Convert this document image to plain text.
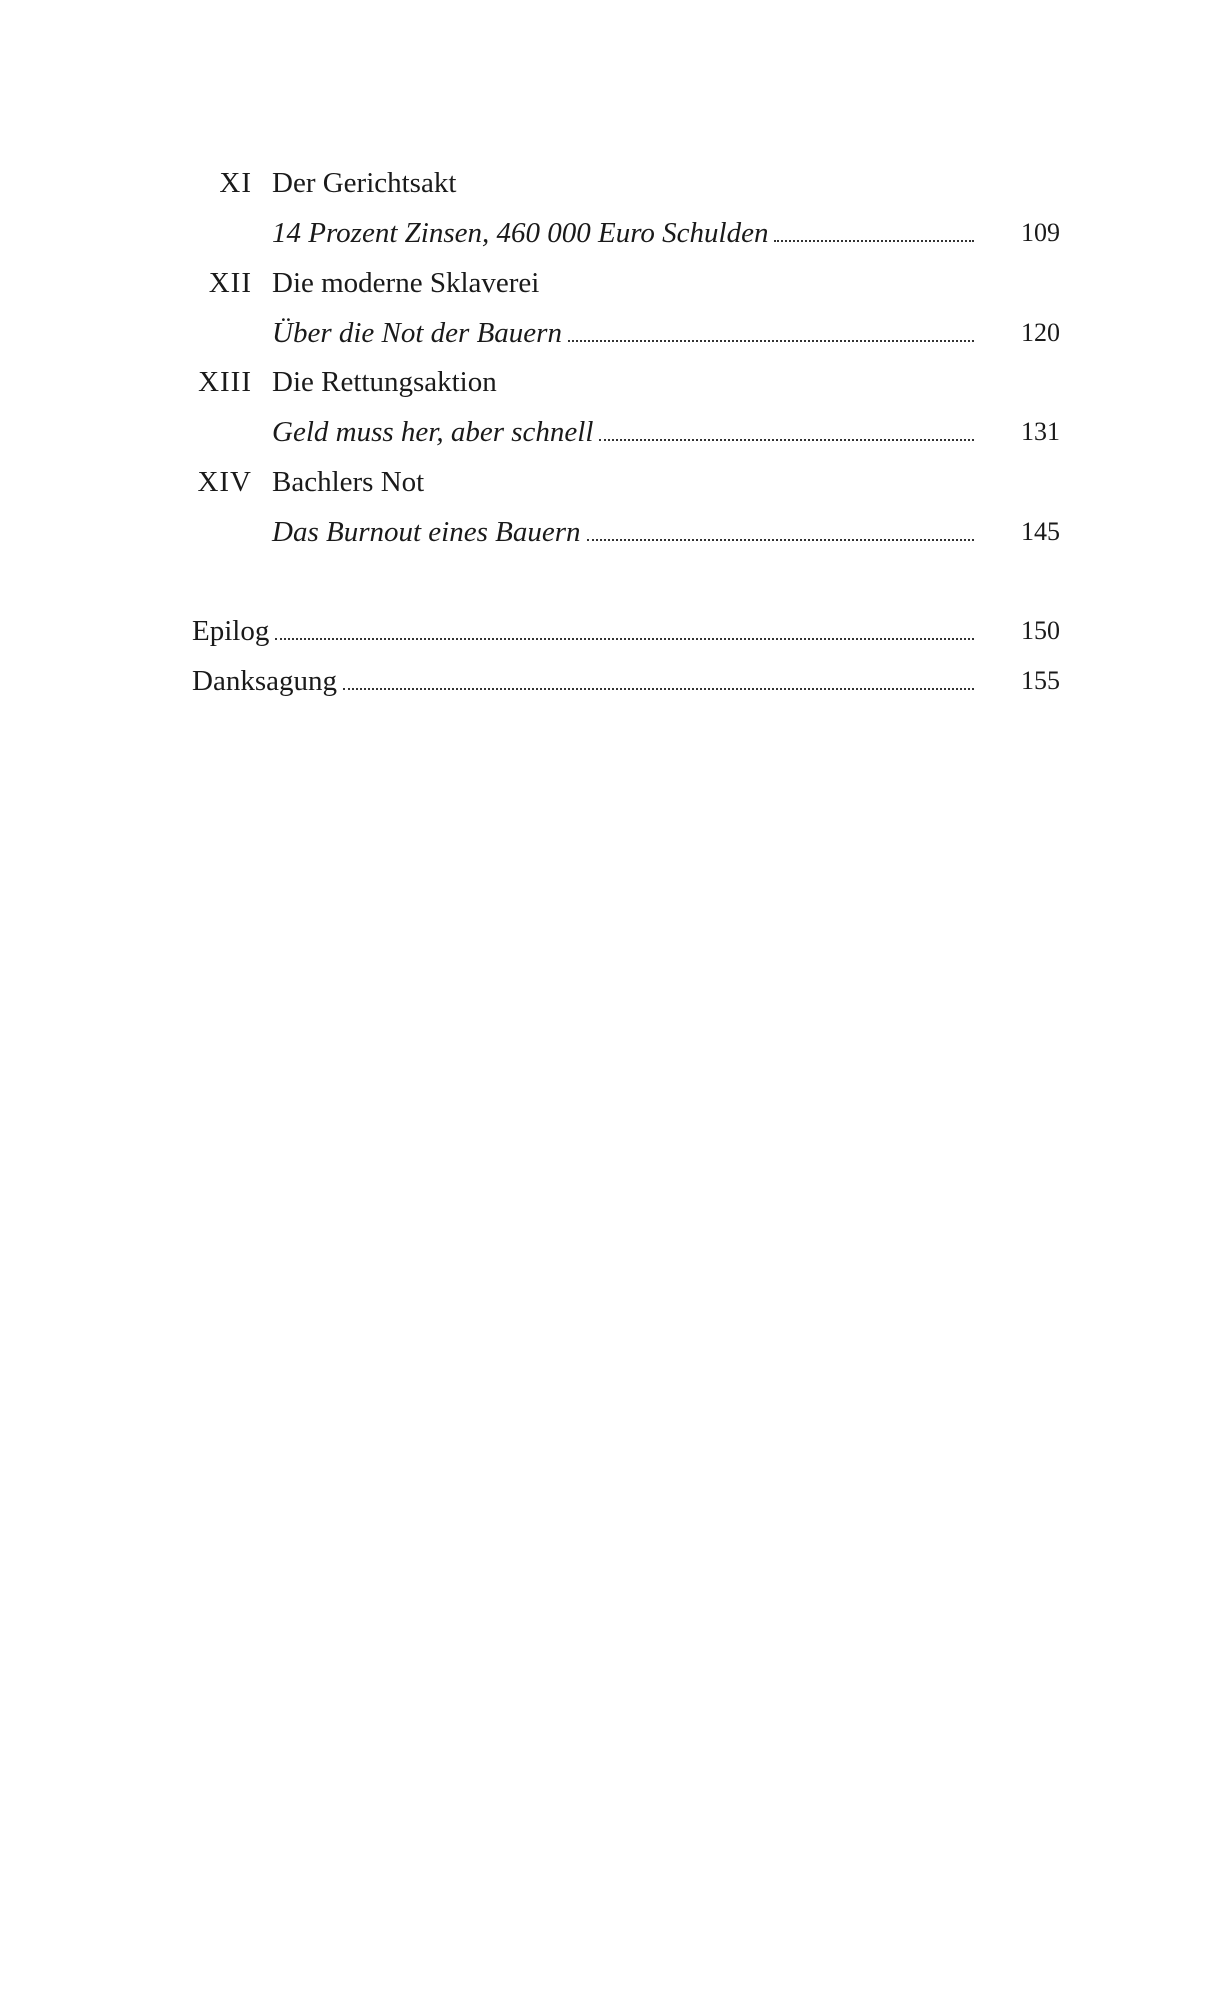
XI Der Gerichtsakt
14 Prozent Zinsen, 460 000 Euro Schulden	109
XII Die moderne Sklaverei
Über die Not der Bauern	120
XIII Die Rettungsaktion
Geld muss her, aber schnell	131
XIV Bachlers Not
Das Burnout eines Bauern	145
Epilog	150
Danksagung	155
